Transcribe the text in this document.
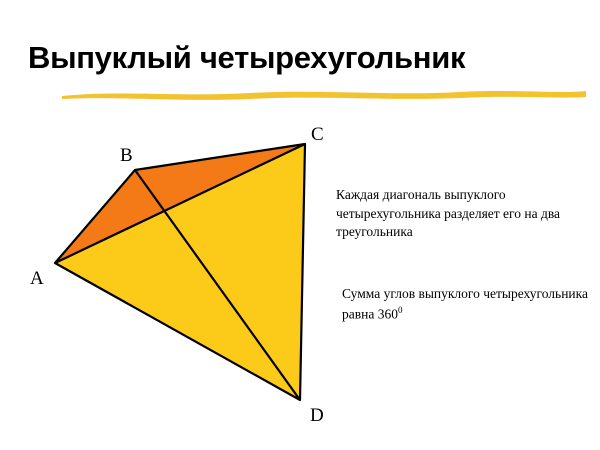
Выпуклый четырехугольник
A
B
C
D
Каждая диагональ выпуклого четырехугольника разделяет его на два треугольника
Сумма углов выпуклого четырехугольника равна $360^0$
